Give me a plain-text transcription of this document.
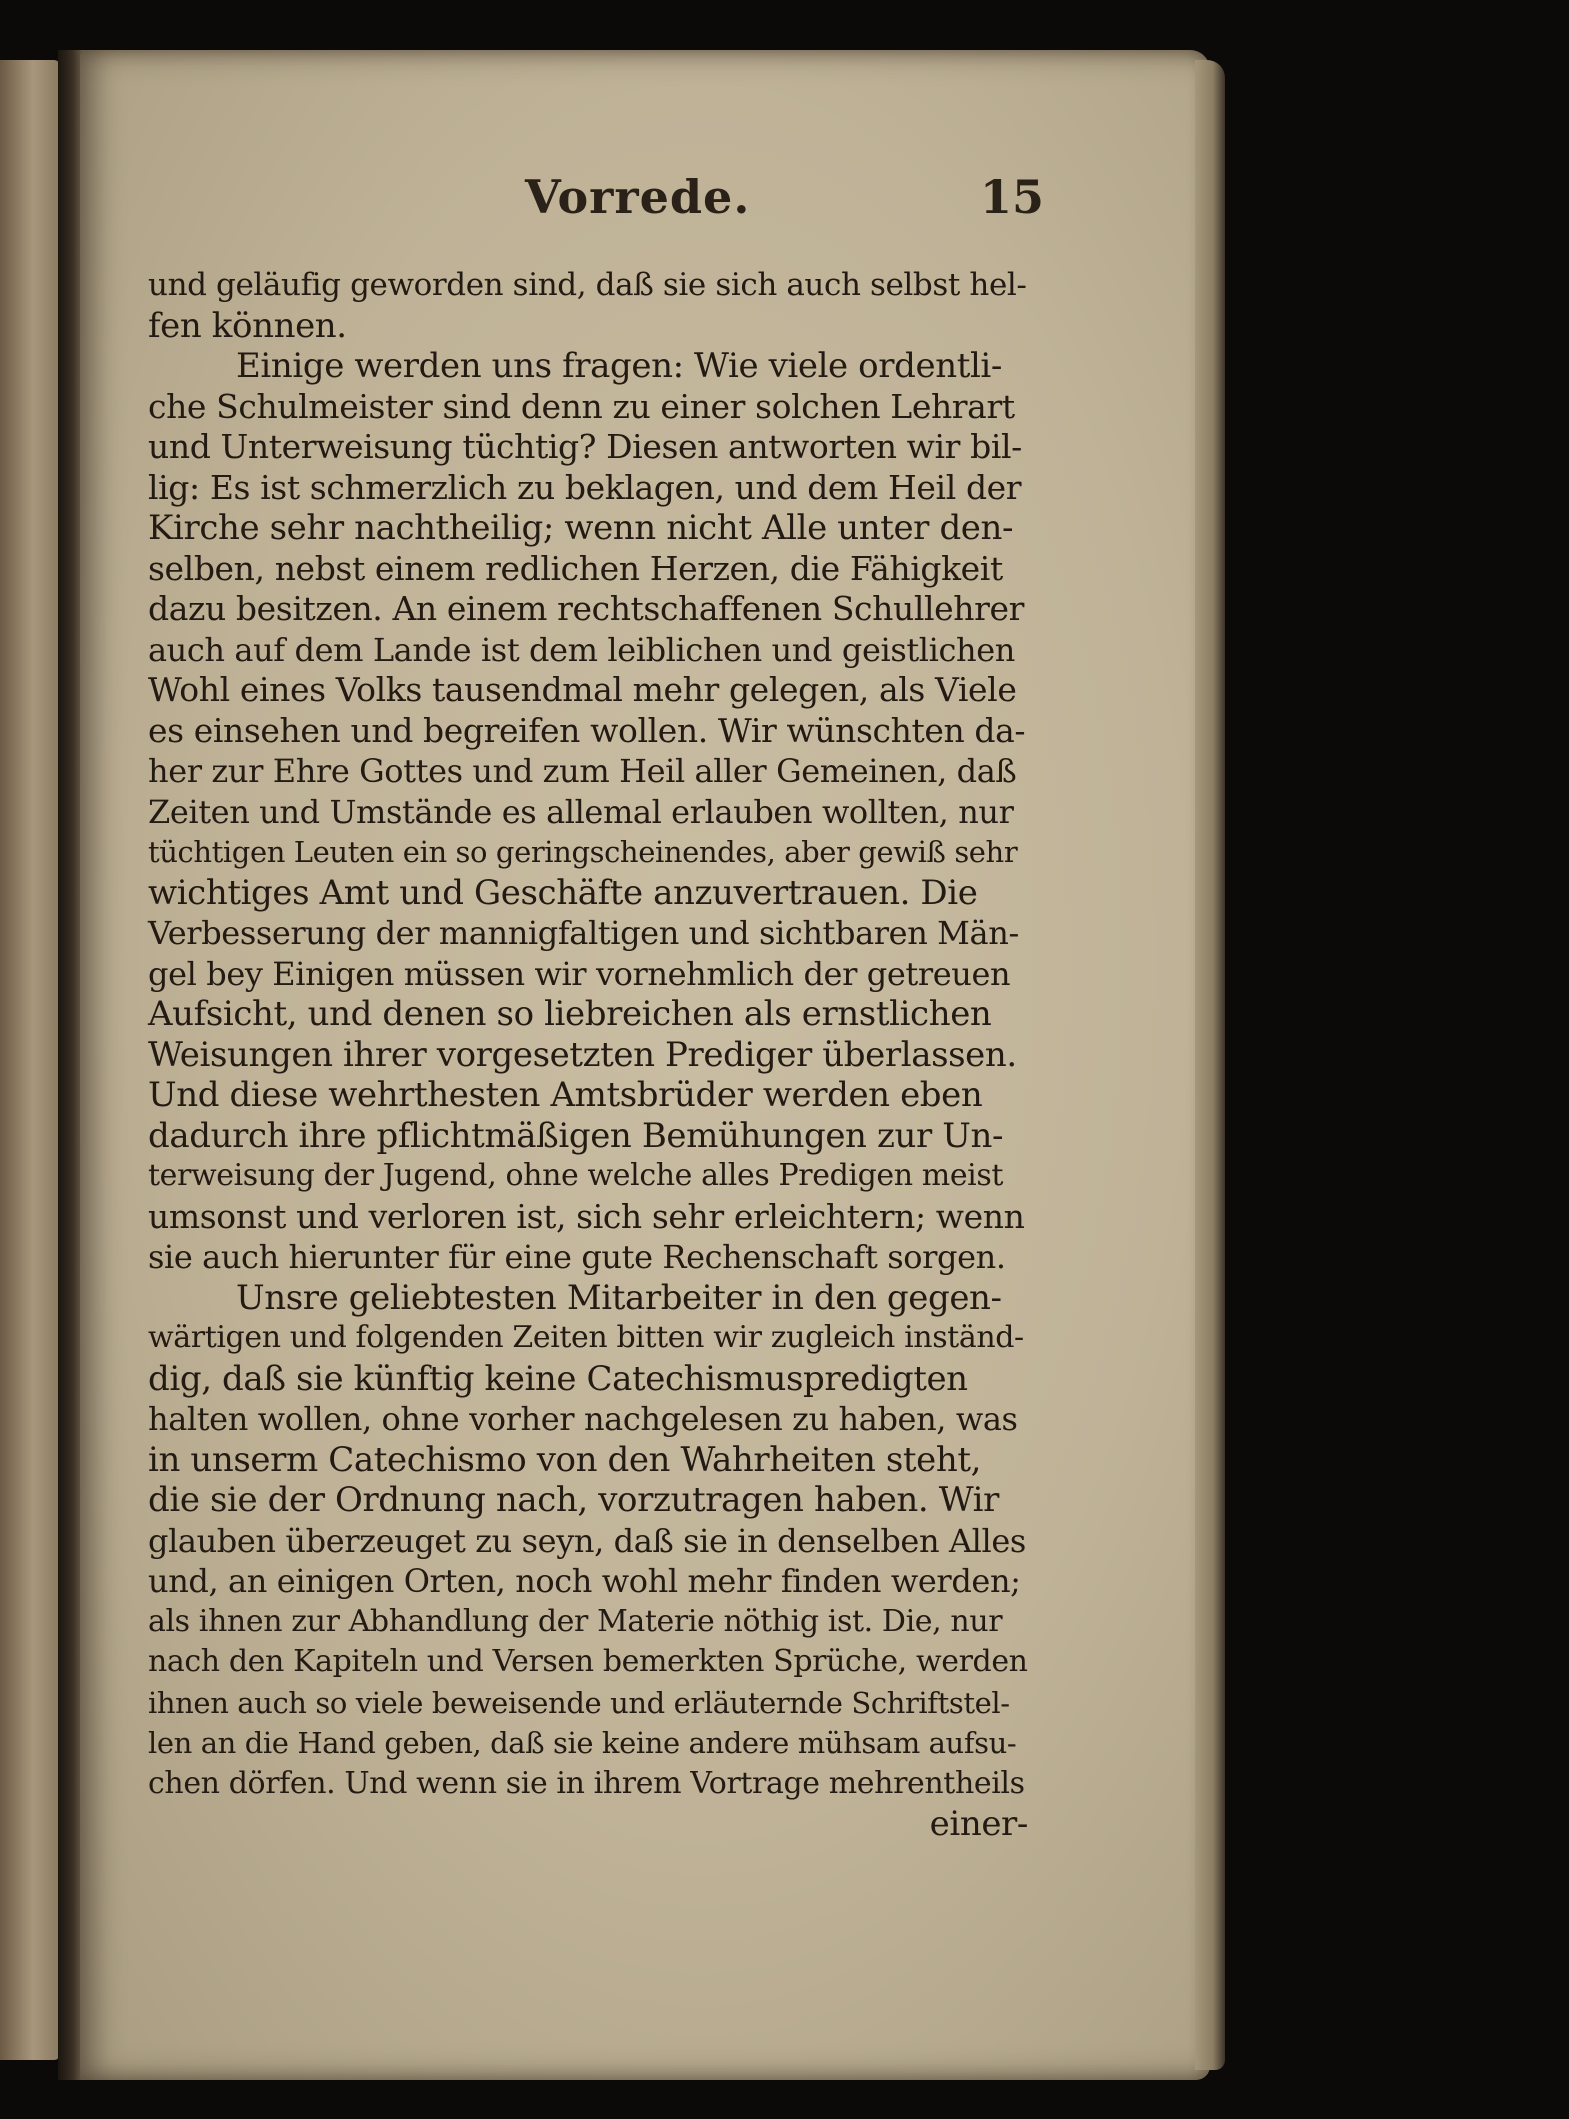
Vorrede.	15
und geläufig geworden sind, daß sie sich auch selbst hel-
fen können.
Einige werden uns fragen: Wie viele ordentli-
che Schulmeister sind denn zu einer solchen Lehrart
und Unterweisung tüchtig? Diesen antworten wir bil-
lig: Es ist schmerzlich zu beklagen, und dem Heil der
Kirche sehr nachtheilig; wenn nicht Alle unter den-
selben, nebst einem redlichen Herzen, die Fähigkeit
dazu besitzen. An einem rechtschaffenen Schullehrer
auch auf dem Lande ist dem leiblichen und geistlichen
Wohl eines Volks tausendmal mehr gelegen, als Viele
es einsehen und begreifen wollen. Wir wünschten da-
her zur Ehre Gottes und zum Heil aller Gemeinen, daß
Zeiten und Umstände es allemal erlauben wollten, nur
tüchtigen Leuten ein so geringscheinendes, aber gewiß sehr
wichtiges Amt und Geschäfte anzuvertrauen. Die
Verbesserung der mannigfaltigen und sichtbaren Män-
gel bey Einigen müssen wir vornehmlich der getreuen
Aufsicht, und denen so liebreichen als ernstlichen
Weisungen ihrer vorgesetzten Prediger überlassen.
Und diese wehrthesten Amtsbrüder werden eben
dadurch ihre pflichtmäßigen Bemühungen zur Un-
terweisung der Jugend, ohne welche alles Predigen meist
umsonst und verloren ist, sich sehr erleichtern; wenn
sie auch hierunter für eine gute Rechenschaft sorgen.
Unsre geliebtesten Mitarbeiter in den gegen-
wärtigen und folgenden Zeiten bitten wir zugleich inständ-
dig, daß sie künftig keine Catechismuspredigten
halten wollen, ohne vorher nachgelesen zu haben, was
in unserm Catechismo von den Wahrheiten steht,
die sie der Ordnung nach, vorzutragen haben. Wir
glauben überzeuget zu seyn, daß sie in denselben Alles
und, an einigen Orten, noch wohl mehr finden werden;
als ihnen zur Abhandlung der Materie nöthig ist. Die, nur
nach den Kapiteln und Versen bemerkten Sprüche, werden
ihnen auch so viele beweisende und erläuternde Schriftstel-
len an die Hand geben, daß sie keine andere mühsam aufsu-
chen dörfen. Und wenn sie in ihrem Vortrage mehrentheils
einer-
